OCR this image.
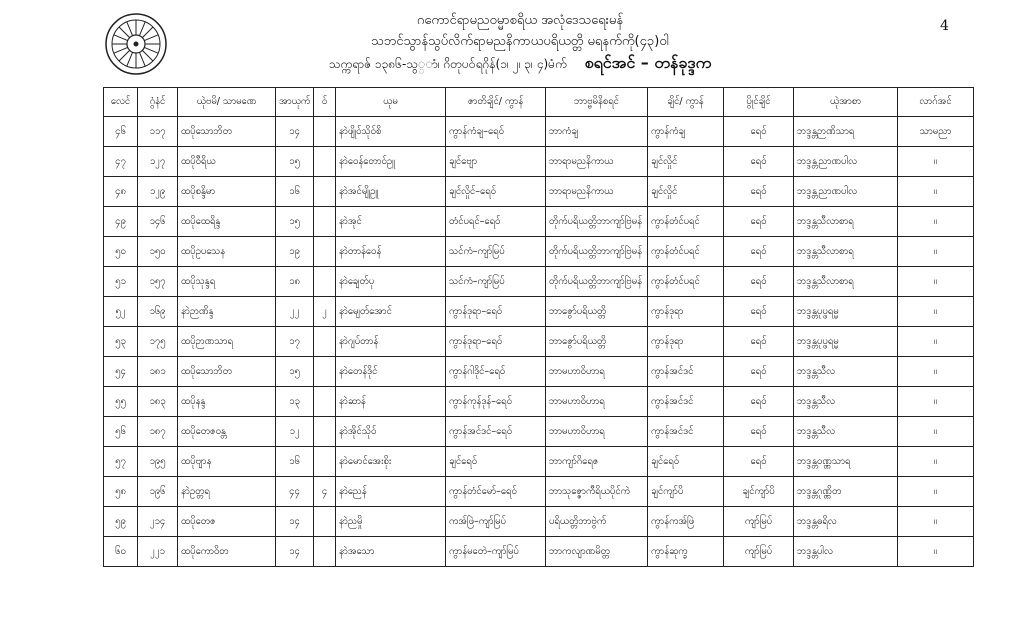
4
ဂကောင်ရာမညဝမ္မာစရိယ အလုံဒေသရေးမန်
သဘင်သွာန်သွပ်လိက်ရာမညနိကာယပရိယတ္တိ မရနက်ကို(၄၃)ဝါ
သက္ကရာဇ် ၁၃၈၆-သွ္ာံ၊ ဂိတုပဝ်ရဂိုန်(၁၊ ၂၊ ၃၊ ၄)မံက် စရင်အင် – တန်ခုဒ္ဒက
လေင်	ဂွံနံင်	ယုဲဗမိ/ သာမဏေ	အာယုက်	ဝ်	ယုမ	ဇာတိချိင်/ ကွာန်	ဘာဗ္ဗမိနိစရင်	ချိင်/ ကွာန်	ပွိုင်ချိင်	ယုဲအာစာ	လာဂ်အင်
၄၆	၁၁၇	ထပိုသောဘိတ	၁၄		နာဲဖျိုဝ်သိုဝ်စိ	ကွာန်ကံချ–ရေဝ်	ဘာကံချ	ကွာန်ကံချ	ရေဝ်	ဘဒ္ဒန္တဉာဏိသာရ	သာမညာ
၄၇	၁၂၇	ထပိုဝီရိယ	၁၅		နာဲဝေန်တောဝ်ဥူ	ချင်ဗျော	ဘာရာမညနိကာယ	ချင်လှိုင်	ရေဝ်	ဘဒ္ဒန္တညာဏပါလ	။
၄၈	၁၂၉	ထပိုစန္ဒိမာ	၁၆		နာဲအင်မျိုဥူ	ချင်လှိုင်–ရေဝ်	ဘာရာမညနိကာယ	ချင်လှိုင်	ရေဝ်	ဘဒ္ဒန္တညာဏပါလ	။
၄၉	၁၄၆	ထပိုထေရိန္ဒ	၁၅		နာဲအုင်	တံင်ပရင်–ရေဝ်	တိုက်ပရိယတ္တိဘာကျာ်ဗြဲမန်	ကွာန်တံင်ပရင်	ရေဝ်	ဘဒ္ဒန္တသီလာစာရ	။
၅၀	၁၅၀	ထပိုဥပသေန	၁၉		နာဲတာန်ဝေန်	သင်ကံ–ကျာ်မြပ်	တိုက်ပရိယတ္တိဘာကျာ်ဗြဲမန်	ကွာန်တံင်ပရင်	ရေဝ်	ဘဒ္ဒန္တသီလာစာရ	။
၅၁	၁၅၇	ထပိုသုန္ဒရ	၁၈		နာဲချေတ်ပု	သင်ကံ–ကျာ်မြပ်	တိုက်ပရိယတ္တိဘာကျာ်ဗြဲမန်	ကွာန်တံင်ပရင်	ရေဝ်	ဘဒ္ဒန္တသီလာစာရ	။
၅၂	၁၆၉	နာဲဉာဏိန္ဒ	၂၂	၂	နာဲမျေတ်အောင်	ကွာန်ဒုရာ–ရေဝ်	ဘာဇွော်ပရိယတ္တိ	ကွာန်ဒုရာ	ရေဝ်	ဘဒ္ဒန္တပုပ္ဖရမ္မ	။
၅၃	၁၇၅	ထပိုဉာဏသာရ	၁၇		နာဲဂျပ်တာန်	ကွာန်ဒုရာ–ရေဝ်	ဘာဇွော်ပရိယတ္တိ	ကွာန်ဒုရာ	ရေဝ်	ဘဒ္ဒန္တပုပ္ဖရမ္မ	။
၅၄	၁၈၁	ထပိုသောဘိတ	၁၅		နာဲတေန်ဒိုင်	ကွာန်ဂါဒိုင်–ရေဝ်	ဘာမဟာဝိဟာရ	ကွာန်အင်ဒင်	ရေဝ်	ဘဒ္ဒန္တသီလ	။
၅၅	၁၈၃	ထပိုနန္ဒ	၁၃		နာဲဆာန်	ကွာန်ကုန်ဒုန်–ရေဝ်	ဘာမဟာဝိဟာရ	ကွာန်အင်ဒင်	ရေဝ်	ဘဒ္ဒန္တသီလ	။
၅၆	၁၈၇	ထပိုတေဇဝန္တ	၁၂		နာဲအိုင်သိုဝ်	ကွာန်အင်ဒင်–ရေဝ်	ဘာမဟာဝိဟာရ	ကွာန်အင်ဒင်	ရေဝ်	ဘဒ္ဒန္တသီလ	။
၅၇	၁၉၅	ထပိုဗျာန	၁၆		နာဲမောင်အေးစိုး	ချင်ရေဝ်	ဘာကျာ်ဂိရေဇ	ချင်ရေဝ်	ရေဝ်	ဘဒ္ဒန္တဝဏ္ဏသာရ	။
၅၈	၁၉၆	နာဲဥတ္တရ	၄၄	၄	နာဲညေန်	ကွာန်တံင်မော်–ရေဝ်	ဘာသုဇ္ဇောကီရိယပိုင်ကဲ	ချင်ကျာ်ပိ	ချင်ကျာ်ပိ	ဘဒ္ဒန္တဂုဏ္ဏိတ	။
၅၉	၂၁၄	ထပိုတေဇ	၁၄		နာဲညမှို	ကအ်ဖြဲ–ကျာ်မြပ်	ပရိယတ္တိဘာဗွဲက်	ကွာန်ကအ်ဖြဲ	ကျာ်မြပ်	ဘဒ္ဒန္တဓရိလ	။
၆၀	၂၂၁	ထပိုကောဝိတ	၁၄		နာဲအသော	ကွာန်မတေဲ–ကျာ်မြပ်	ဘာကလျာဏမိတ္တ	ကွာန်ဆုက္ခ	ကျာ်မြပ်	ဘဒ္ဒန္တပါလ	။
